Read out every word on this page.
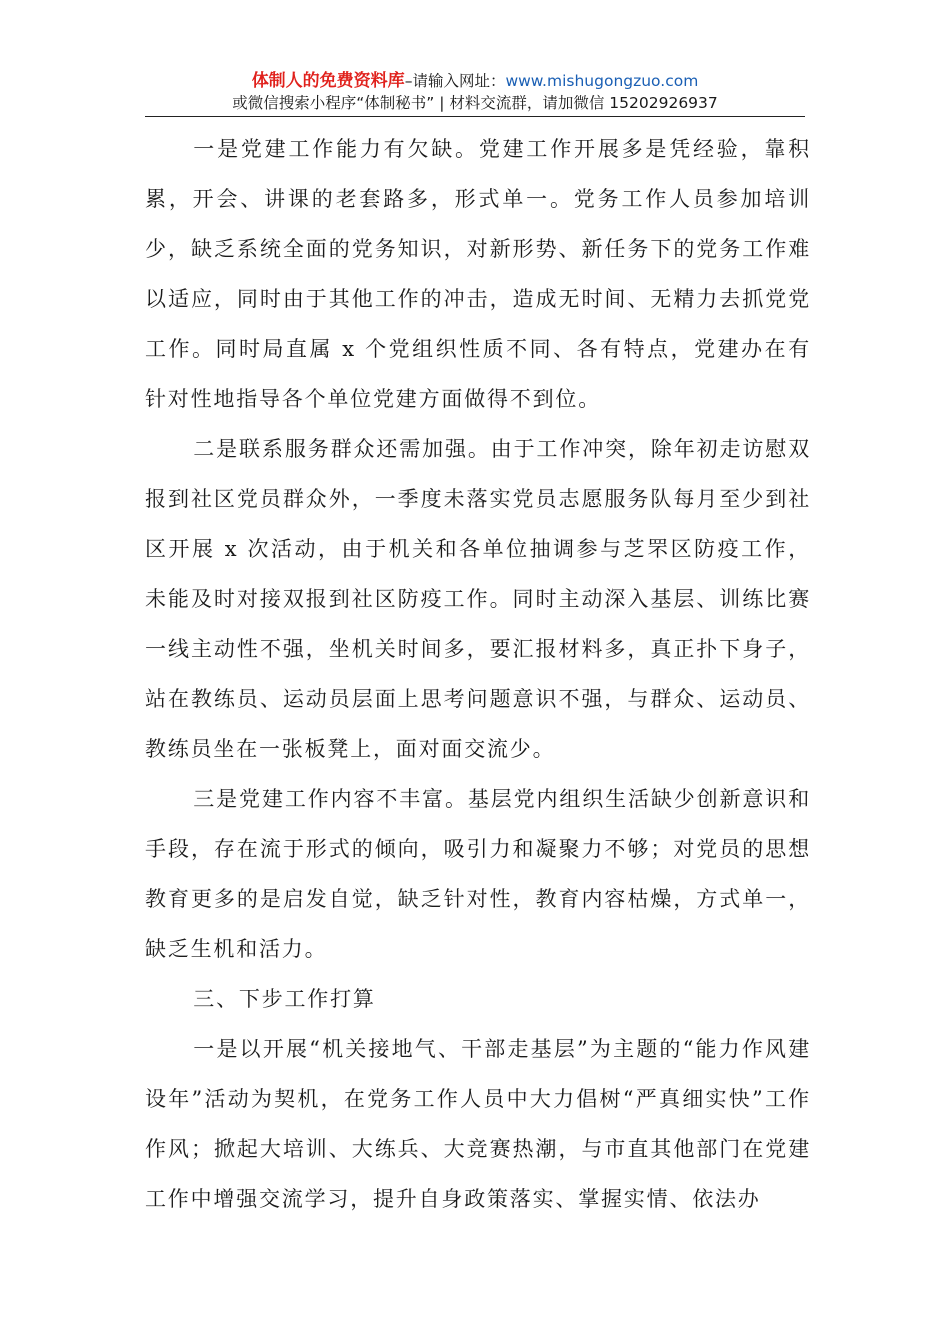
体制人的免费资料库–请输入网址：www.mishugongzuo.com
或微信搜索小程序“体制秘书” | 材料交流群，请加微信 15202926937

一是党建工作能力有欠缺。党建工作开展多是凭经验，靠积累，开会、讲课的老套路多，形式单一。党务工作人员参加培训少，缺乏系统全面的党务知识，对新形势、新任务下的党务工作难以适应，同时由于其他工作的冲击，造成无时间、无精力去抓党党工作。同时局直属 x 个党组织性质不同、各有特点，党建办在有针对性地指导各个单位党建方面做得不到位。

二是联系服务群众还需加强。由于工作冲突，除年初走访慰双报到社区党员群众外，一季度未落实党员志愿服务队每月至少到社区开展 x 次活动，由于机关和各单位抽调参与芝罘区防疫工作，未能及时对接双报到社区防疫工作。同时主动深入基层、训练比赛一线主动性不强，坐机关时间多，要汇报材料多，真正扑下身子，站在教练员、运动员层面上思考问题意识不强，与群众、运动员、教练员坐在一张板凳上，面对面交流少。

三是党建工作内容不丰富。基层党内组织生活缺少创新意识和手段，存在流于形式的倾向，吸引力和凝聚力不够；对党员的思想教育更多的是启发自觉，缺乏针对性，教育内容枯燥，方式单一，缺乏生机和活力。

三、下步工作打算

一是以开展“机关接地气、干部走基层”为主题的“能力作风建设年”活动为契机，在党务工作人员中大力倡树“严真细实快”工作作风；掀起大培训、大练兵、大竞赛热潮，与市直其他部门在党建工作中增强交流学习，提升自身政策落实、掌握实情、依法办
